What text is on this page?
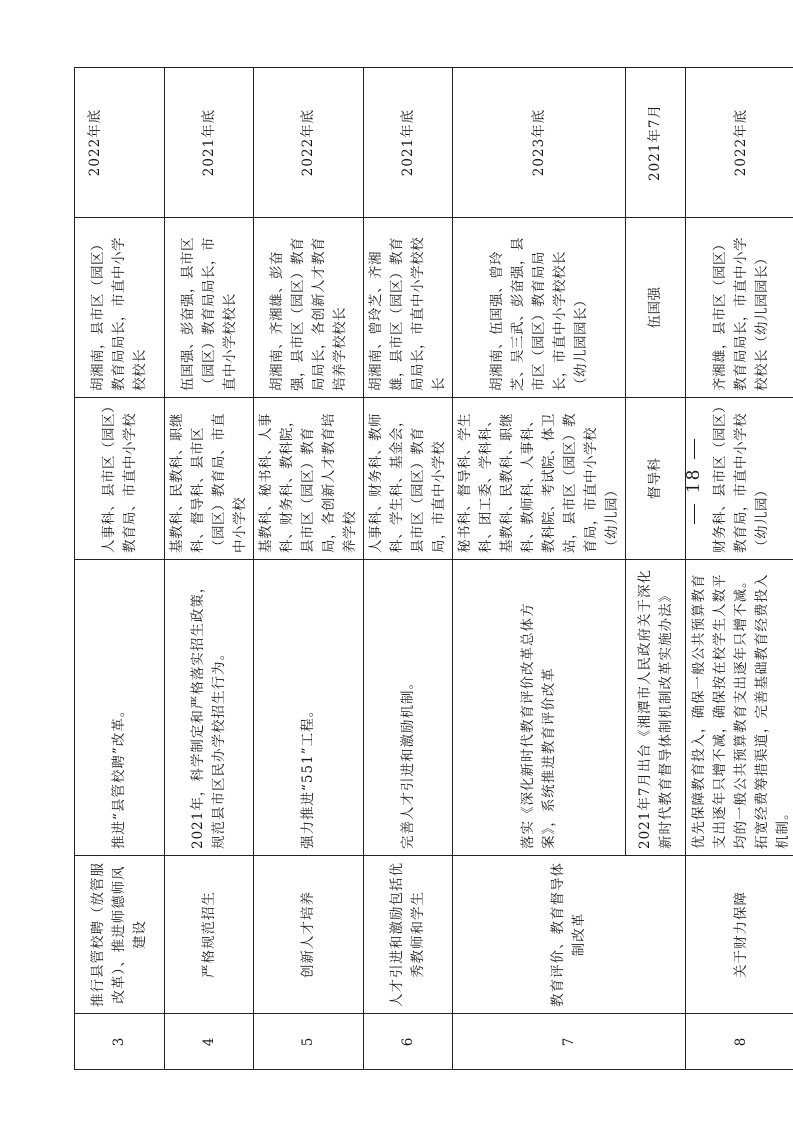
3	推行县管校聘（放管服改革）、推进师德师风建设	推进“县管校聘”改革。	人事科、县市区（园区）教育局、市直中小学校	胡湘南，县市区（园区）教育局局长，市直中小学校校长	2022年底
4	严格规范招生	2021年，科学制定和严格落实招生政策，规范县市区民办学校招生行为。	基教科、民教科、职继科、督导科、县市区（园区）教育局、市直中小学校	伍国强、彭奋强，县市区（园区）教育局局长，市直中小学校校长	2021年底
5	创新人才培养	强力推进“551”工程。	基教科、秘书科、人事科、财务科、教科院，县市区（园区）教育局，各创新人才教育培养学校	胡湘南、齐湘雄、彭奋强，县市区（园区）教育局局长，各创新人才教育培养学校校长	2022年底
6	人才引进和激励包括优秀教师和学生	完善人才引进和激励机制。	人事科、财务科、教师科、学生科、基金会，县市区（园区）教育局，市直中小学校	胡湘南、曾玲芝、齐湘雄，县市区（园区）教育局局长，市直中小学校校长	2021年底
7	教育评价、教育督导体制改革	落实《深化新时代教育评价改革总体方案》，系统推进教育评价改革	秘书科、督导科、学生科、团工委、学科科、基教科、民教科、职继科、教师科、人事科、教科院、考试院、体卫站，县市区（园区）教育局，市直中小学校（幼儿园）	胡湘南、伍国强、曾玲芝、吴三武、彭奋强，县市区（园区）教育局局长，市直中小学校校长（幼儿园园长）	2023年底
		2021年7月出台《湘潭市人民政府关于深化新时代教育督导体制机制改革实施办法》	督导科	伍国强	2021年7月
8	关于财力保障	优先保障教育投入，确保一般公共预算教育支出逐年只增不减，确保按在校学生人数平均的一般公共预算教育支出逐年只增不减。拓宽经费筹措渠道，完善基础教育经费投入机制。	财务科、县市区（园区）教育局，市直中小学校（幼儿园）	齐湘雄，县市区（园区）教育局局长，市直中小学校校长（幼儿园园长）	2022年底
— 18 —
